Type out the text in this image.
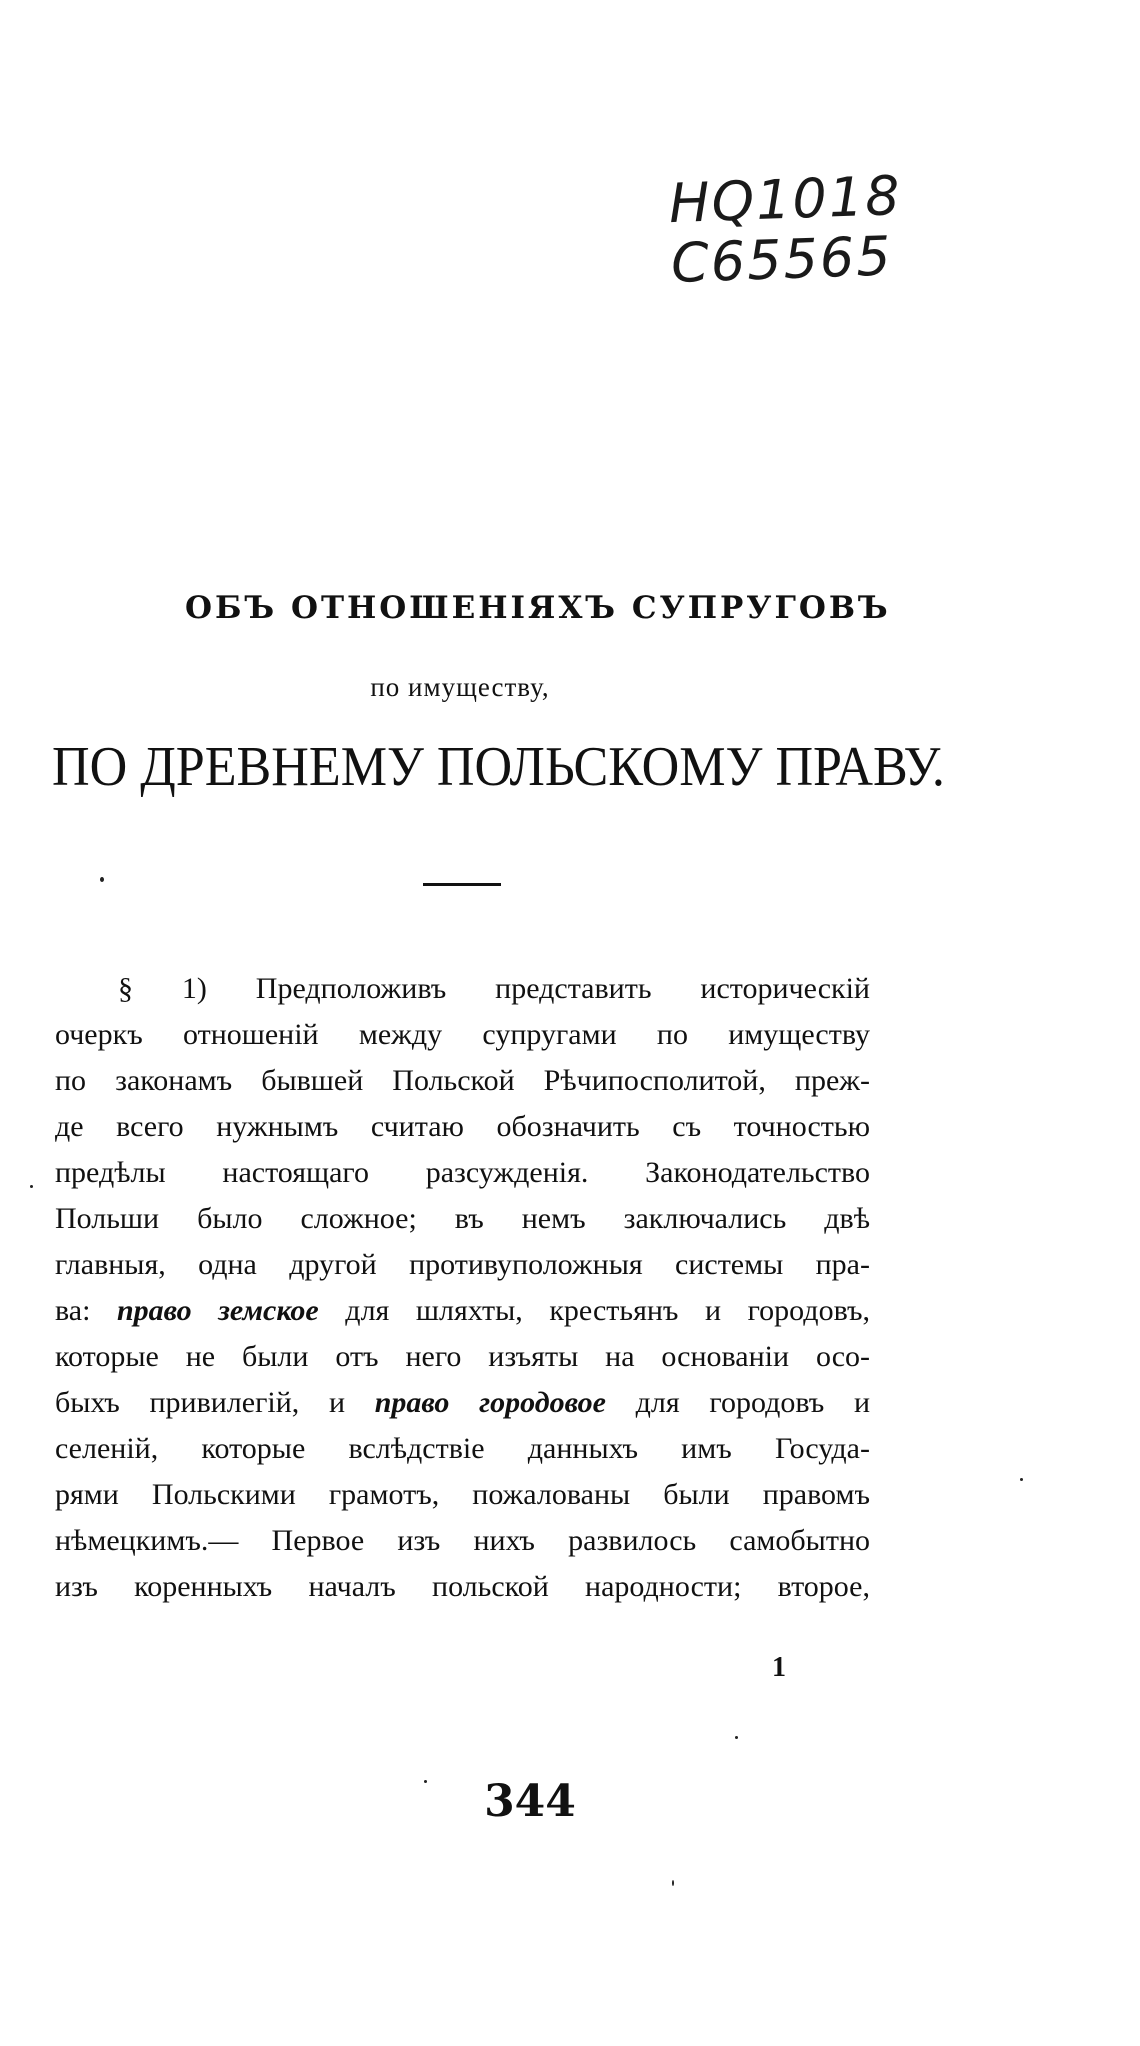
HQ1018
C65565
ОБЪ ОТНОШЕНІЯХЪ СУПРУГОВЪ
по имуществу,
ПО ДРЕВНЕМУ ПОЛЬСКОМУ ПРАВУ.
§ 1) Предположивъ представить историческій
очеркъ отношеній между супругами по имуществу
по законамъ бывшей Польской Рѣчипосполитой, преж-
де всего нужнымъ считаю обозначить съ точностью
предѣлы настоящаго разсужденія. Законодательство
Польши было сложное; въ немъ заключались двѣ
главныя, одна другой противуположныя системы пра-
ва: право земское для шляхты, крестьянъ и городовъ,
которые не были отъ него изъяты на основаніи осо-
быхъ привилегій, и право городовое для городовъ и
селеній, которые вслѣдствіе данныхъ имъ Госуда-
рями Польскими грамотъ, пожалованы были правомъ
нѣмецкимъ.— Первое изъ нихъ развилось самобытно
изъ коренныхъ началъ польской народности; второе,
1
344
